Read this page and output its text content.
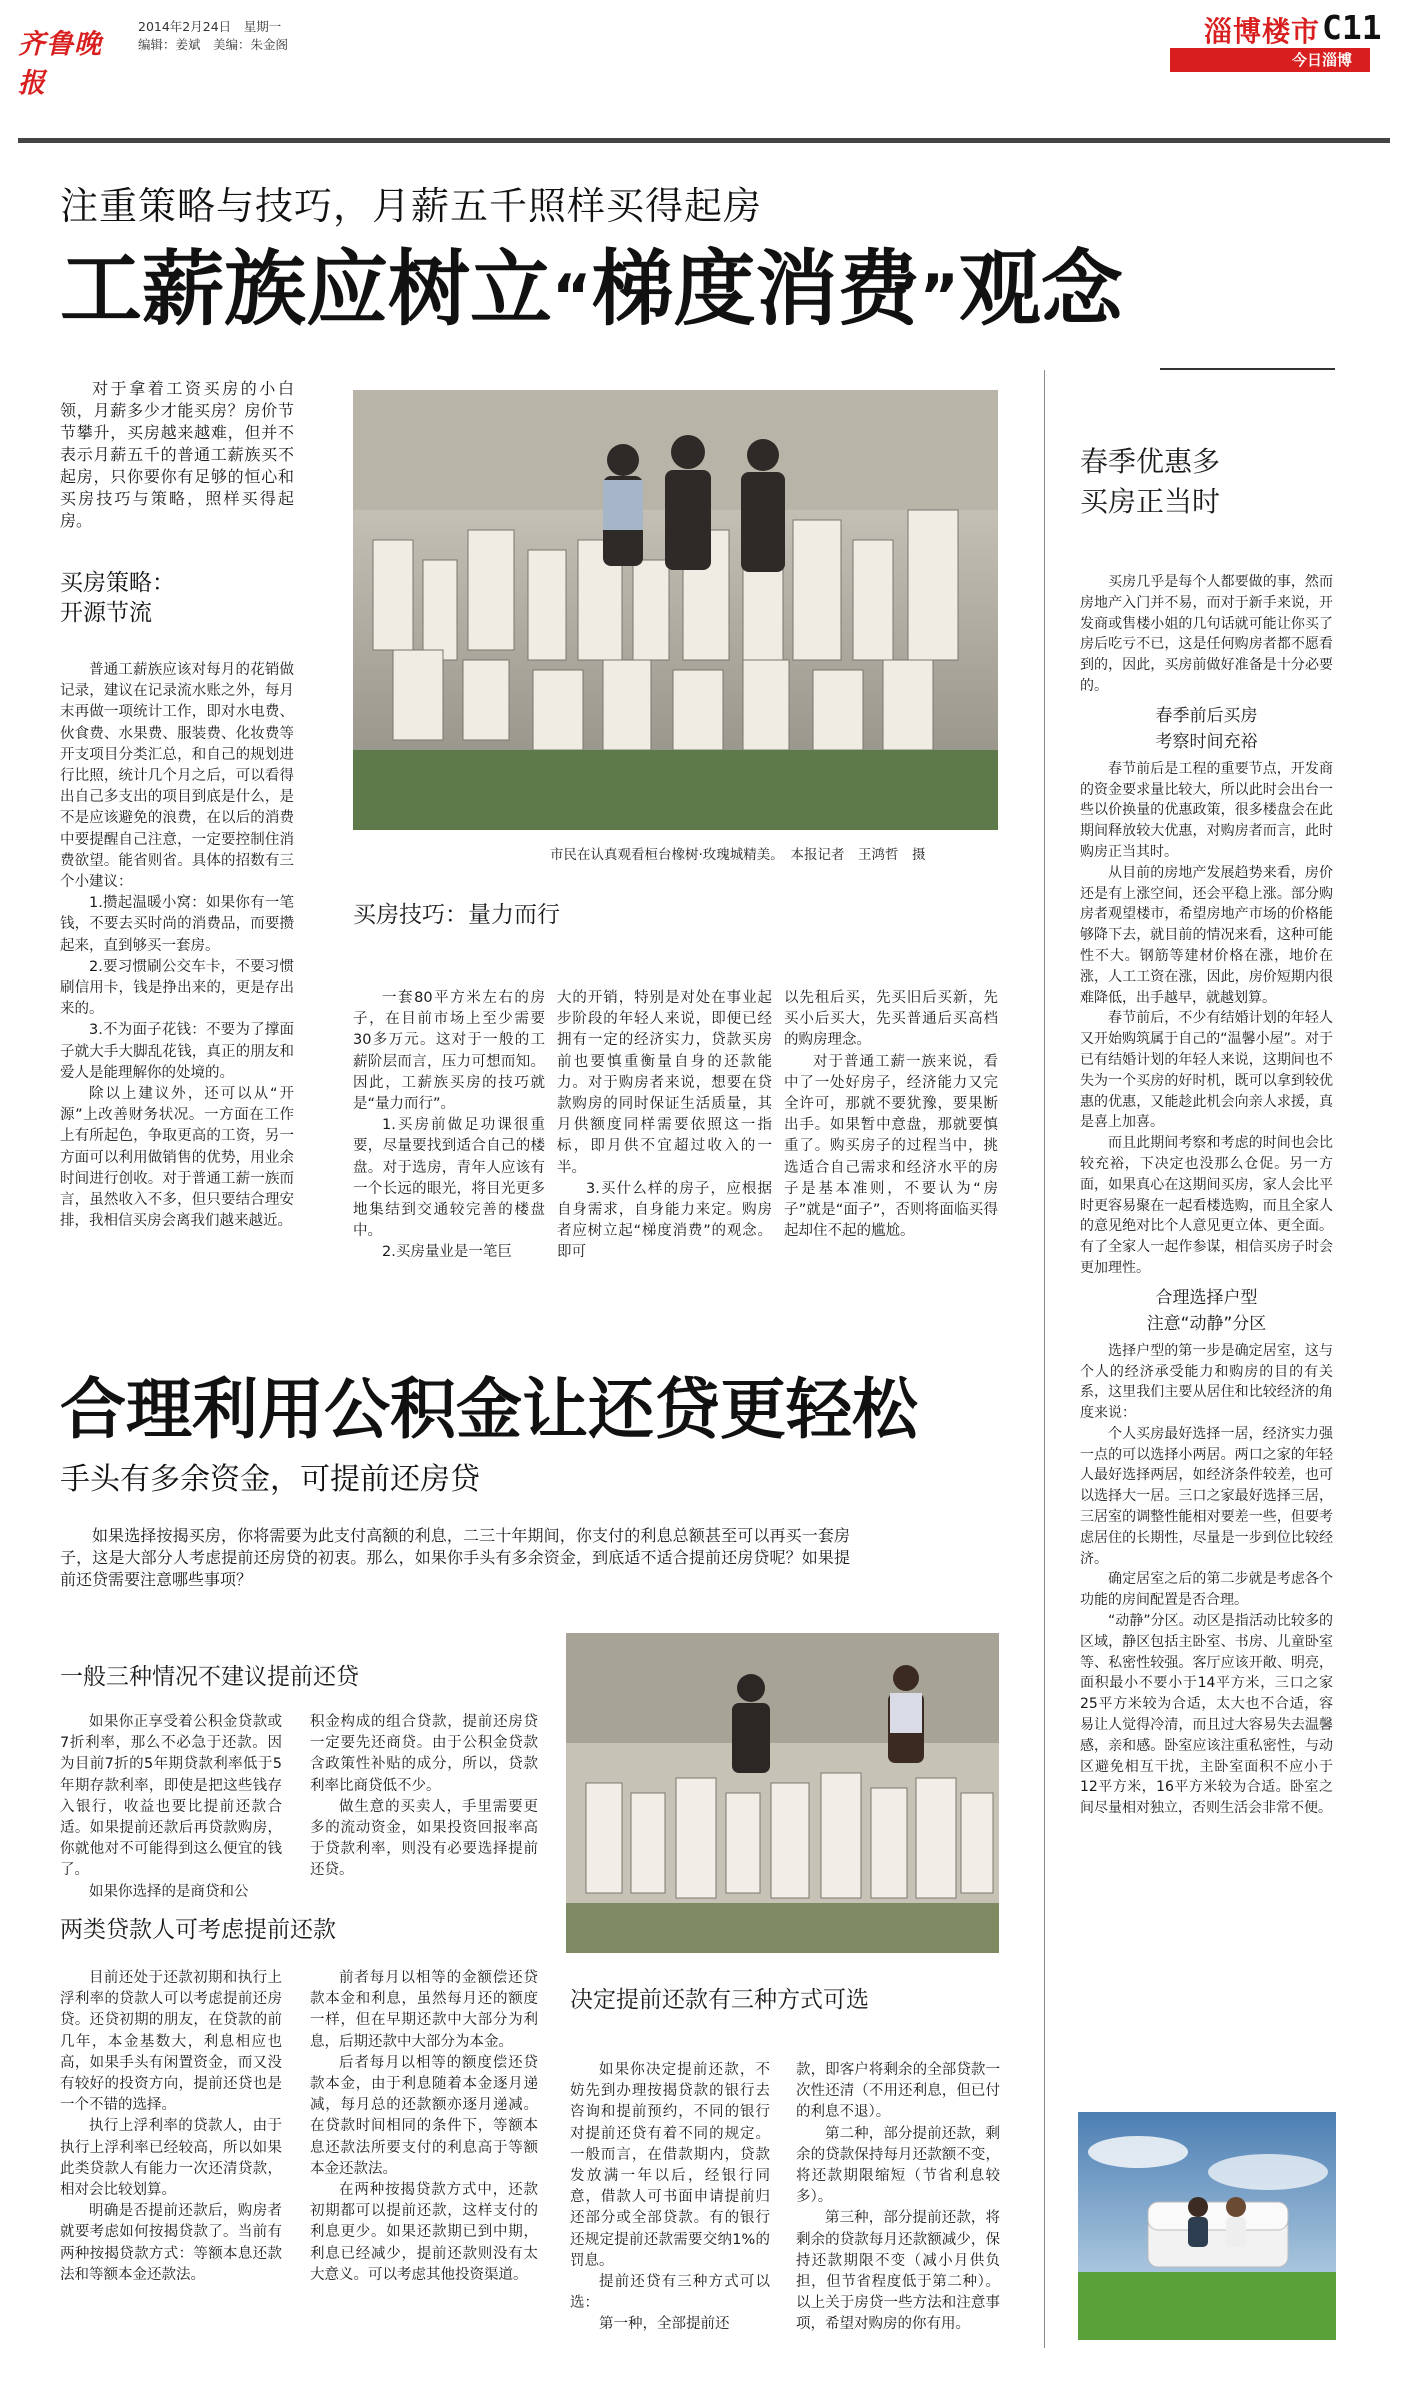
齐鲁晚报
2014年2月24日　 星期一
编辑：姜斌　 美编：朱金阁	淄博楼市
今日淄博
C11
注重策略与技巧，月薪五千照样买得起房
工薪族应树立“梯度消费”观念
对于拿着工资买房的小白领，月薪多少才能买房？房价节节攀升，买房越来越难，但并不表示月薪五千的普通工薪族买不起房，只你要你有足够的恒心和买房技巧与策略，照样买得起房。
买房策略：
开源节流
普通工薪族应该对每月的花销做记录，建议在记录流水账之外，每月末再做一项统计工作，即对水电费、伙食费、水果费、服装费、化妆费等开支项目分类汇总，和自己的规划进行比照，统计几个月之后，可以看得出自己多支出的项目到底是什么，是不是应该避免的浪费，在以后的消费中要提醒自己注意，一定要控制住消费欲望。能省则省。具体的招数有三个小建议：
1.攒起温暖小窝：如果你有一笔钱，不要去买时尚的消费品，而要攒起来，直到够买一套房。
2.要习惯刷公交车卡，不要习惯刷信用卡，钱是挣出来的，更是存出来的。
3.不为面子花钱：不要为了撑面子就大手大脚乱花钱，真正的朋友和爱人是能理解你的处境的。
除以上建议外，还可以从“开源”上改善财务状况。一方面在工作上有所起色，争取更高的工资，另一方面可以利用做销售的优势，用业余时间进行创收。对于普通工薪一族而言，虽然收入不多，但只要结合理安排，我相信买房会离我们越来越近。
市民在认真观看桓台橡树·玫瑰城精美。　本报记者　王鸿哲　摄
买房技巧：量力而行
一套80平方米左右的房子，在目前市场上至少需要30多万元。这对于一般的工薪阶层而言，压力可想而知。因此，工薪族买房的技巧就是“量力而行”。
1.买房前做足功课很重要，尽量要找到适合自己的楼盘。对于选房，青年人应该有一个长远的眼光，将目光更多地集结到交通较完善的楼盘中。
2.买房量业是一笔巨
大的开销，特别是对处在事业起步阶段的年轻人来说，即便已经拥有一定的经济实力，贷款买房前也要慎重衡量自身的还款能力。对于购房者来说，想要在贷款购房的同时保证生活质量，其月供额度同样需要依照这一指标，即月供不宜超过收入的一半。
3.买什么样的房子，应根据自身需求，自身能力来定。购房者应树立起“梯度消费”的观念。即可
以先租后买，先买旧后买新，先买小后买大，先买普通后买高档的购房理念。
对于普通工薪一族来说，看中了一处好房子，经济能力又完全许可，那就不要犹豫，要果断出手。如果暂中意盘，那就要慎重了。购买房子的过程当中，挑选适合自己需求和经济水平的房子是基本准则，不要认为“房子”就是“面子”，否则将面临买得起却住不起的尴尬。
春季优惠多
买房正当时
买房几乎是每个人都要做的事，然而房地产入门并不易，而对于新手来说，开发商或售楼小姐的几句话就可能让你买了房后吃亏不已，这是任何购房者都不愿看到的，因此，买房前做好准备是十分必要的。
春季前后买房
考察时间充裕
春节前后是工程的重要节点，开发商的资金要求量比较大，所以此时会出台一些以价换量的优惠政策，很多楼盘会在此期间释放较大优惠，对购房者而言，此时购房正当其时。
从目前的房地产发展趋势来看，房价还是有上涨空间，还会平稳上涨。部分购房者观望楼市，希望房地产市场的价格能够降下去，就目前的情况来看，这种可能性不大。钢筋等建材价格在涨，地价在涨，人工工资在涨，因此，房价短期内很难降低，出手越早，就越划算。
春节前后，不少有结婚计划的年轻人又开始购筑属于自己的“温馨小屋”。对于已有结婚计划的年轻人来说，这期间也不失为一个买房的好时机，既可以拿到较优惠的优惠，又能趁此机会向亲人求援，真是喜上加喜。
而且此期间考察和考虑的时间也会比较充裕，下决定也没那么仓促。另一方面，如果真心在这期间买房，家人会比平时更容易聚在一起看楼选购，而且全家人的意见绝对比个人意见更立体、更全面。有了全家人一起作参谋，相信买房子时会更加理性。
合理选择户型
注意“动静”分区
选择户型的第一步是确定居室，这与个人的经济承受能力和购房的目的有关系，这里我们主要从居住和比较经济的角度来说：
个人买房最好选择一居，经济实力强一点的可以选择小两居。两口之家的年轻人最好选择两居，如经济条件较差，也可以选择大一居。三口之家最好选择三居，三居室的调整性能相对要差一些，但要考虑居住的长期性，尽量是一步到位比较经济。
确定居室之后的第二步就是考虑各个功能的房间配置是否合理。
“动静”分区。动区是指活动比较多的区域，静区包括主卧室、书房、儿童卧室等、私密性较强。客厅应该开敞、明亮，面积最小不要小于14平方米，三口之家25平方米较为合适，太大也不合适，容易让人觉得冷清，而且过大容易失去温馨感，亲和感。卧室应该注重私密性，与动区避免相互干扰，主卧室面积不应小于12平方米，16平方米较为合适。卧室之间尽量相对独立，否则生活会非常不便。
合理利用公积金让还贷更轻松
手头有多余资金，可提前还房贷
如果选择按揭买房，你将需要为此支付高额的利息，二三十年期间，你支付的利息总额甚至可以再买一套房子，这是大部分人考虑提前还房贷的初衷。那么，如果你手头有多余资金，到底适不适合提前还房贷呢？如果提前还贷需要注意哪些事项？
一般三种情况不建议提前还贷
如果你正享受着公积金贷款或7折利率，那么不必急于还款。因为目前7折的5年期贷款利率低于5年期存款利率，即使是把这些钱存入银行，收益也要比提前还款合适。如果提前还款后再贷款购房，你就他对不可能得到这么便宜的钱了。
如果你选择的是商贷和公
积金构成的组合贷款，提前还房贷一定要先还商贷。由于公积金贷款含政策性补贴的成分，所以，贷款利率比商贷低不少。
做生意的买卖人，手里需要更多的流动资金，如果投资回报率高于贷款利率，则没有必要选择提前还贷。
两类贷款人可考虑提前还款
目前还处于还款初期和执行上浮利率的贷款人可以考虑提前还房贷。还贷初期的朋友，在贷款的前几年，本金基数大，利息相应也高，如果手头有闲置资金，而又没有较好的投资方向，提前还贷也是一个不错的选择。
执行上浮利率的贷款人，由于执行上浮利率已经较高，所以如果此类贷款人有能力一次还清贷款，相对会比较划算。
明确是否提前还款后，购房者就要考虑如何按揭贷款了。当前有两种按揭贷款方式：等额本息还款法和等额本金还款法。
前者每月以相等的金额偿还贷款本金和利息，虽然每月还的额度一样，但在早期还款中大部分为利息，后期还款中大部分为本金。
后者每月以相等的额度偿还贷款本金，由于利息随着本金逐月递减，每月总的还款额亦逐月递减。在贷款时间相同的条件下，等额本息还款法所要支付的利息高于等额本金还款法。
在两种按揭贷款方式中，还款初期都可以提前还款，这样支付的利息更少。如果还款期已到中期，利息已经减少，提前还款则没有太大意义。可以考虑其他投资渠道。
决定提前还款有三种方式可选
如果你决定提前还款，不妨先到办理按揭贷款的银行去咨询和提前预约，不同的银行对提前还贷有着不同的规定。一般而言，在借款期内，贷款发放满一年以后，经银行同意，借款人可书面申请提前归还部分或全部贷款。有的银行还规定提前还款需要交纳1%的罚息。
提前还贷有三种方式可以选：
第一种，全部提前还
款，即客户将剩余的全部贷款一次性还清（不用还利息，但已付的利息不退）。
第二种，部分提前还款，剩余的贷款保持每月还款额不变，将还款期限缩短（节省利息较多）。
第三种，部分提前还款，将剩余的贷款每月还款额减少，保持还款期限不变（减小月供负担，但节省程度低于第二种）。以上关于房贷一些方法和注意事项，希望对购房的你有用。
